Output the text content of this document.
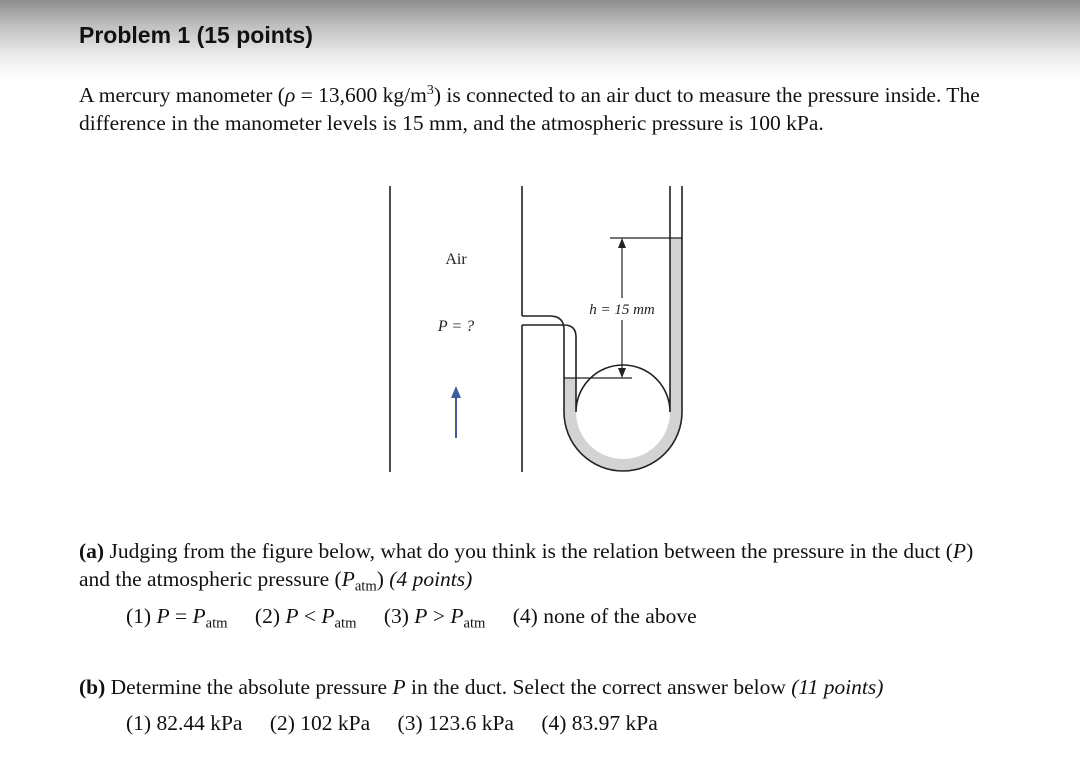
Problem 1 (15 points)

A mercury manometer (ρ = 13,600 $kg/m^3$) is connected to an air duct to measure the pressure inside. The difference in the manometer levels is 15 mm, and the atmospheric pressure is 100 kPa.

h = 15 mm
Air
P = ?

(a) Judging from the figure below, what do you think is the relation between the pressure in the duct (P) and the atmospheric pressure $(P_{atm})$ (4 points)

(1) $P = P_{atm}$ (2) $P < P_{atm}$ (3) $P > P_{atm}$ (4) none of the above

(b) Determine the absolute pressure P in the duct. Select the correct answer below (11 points)

(1) 82.44 kPa (2) 102 kPa (3) 123.6 kPa (4) 83.97 kPa
